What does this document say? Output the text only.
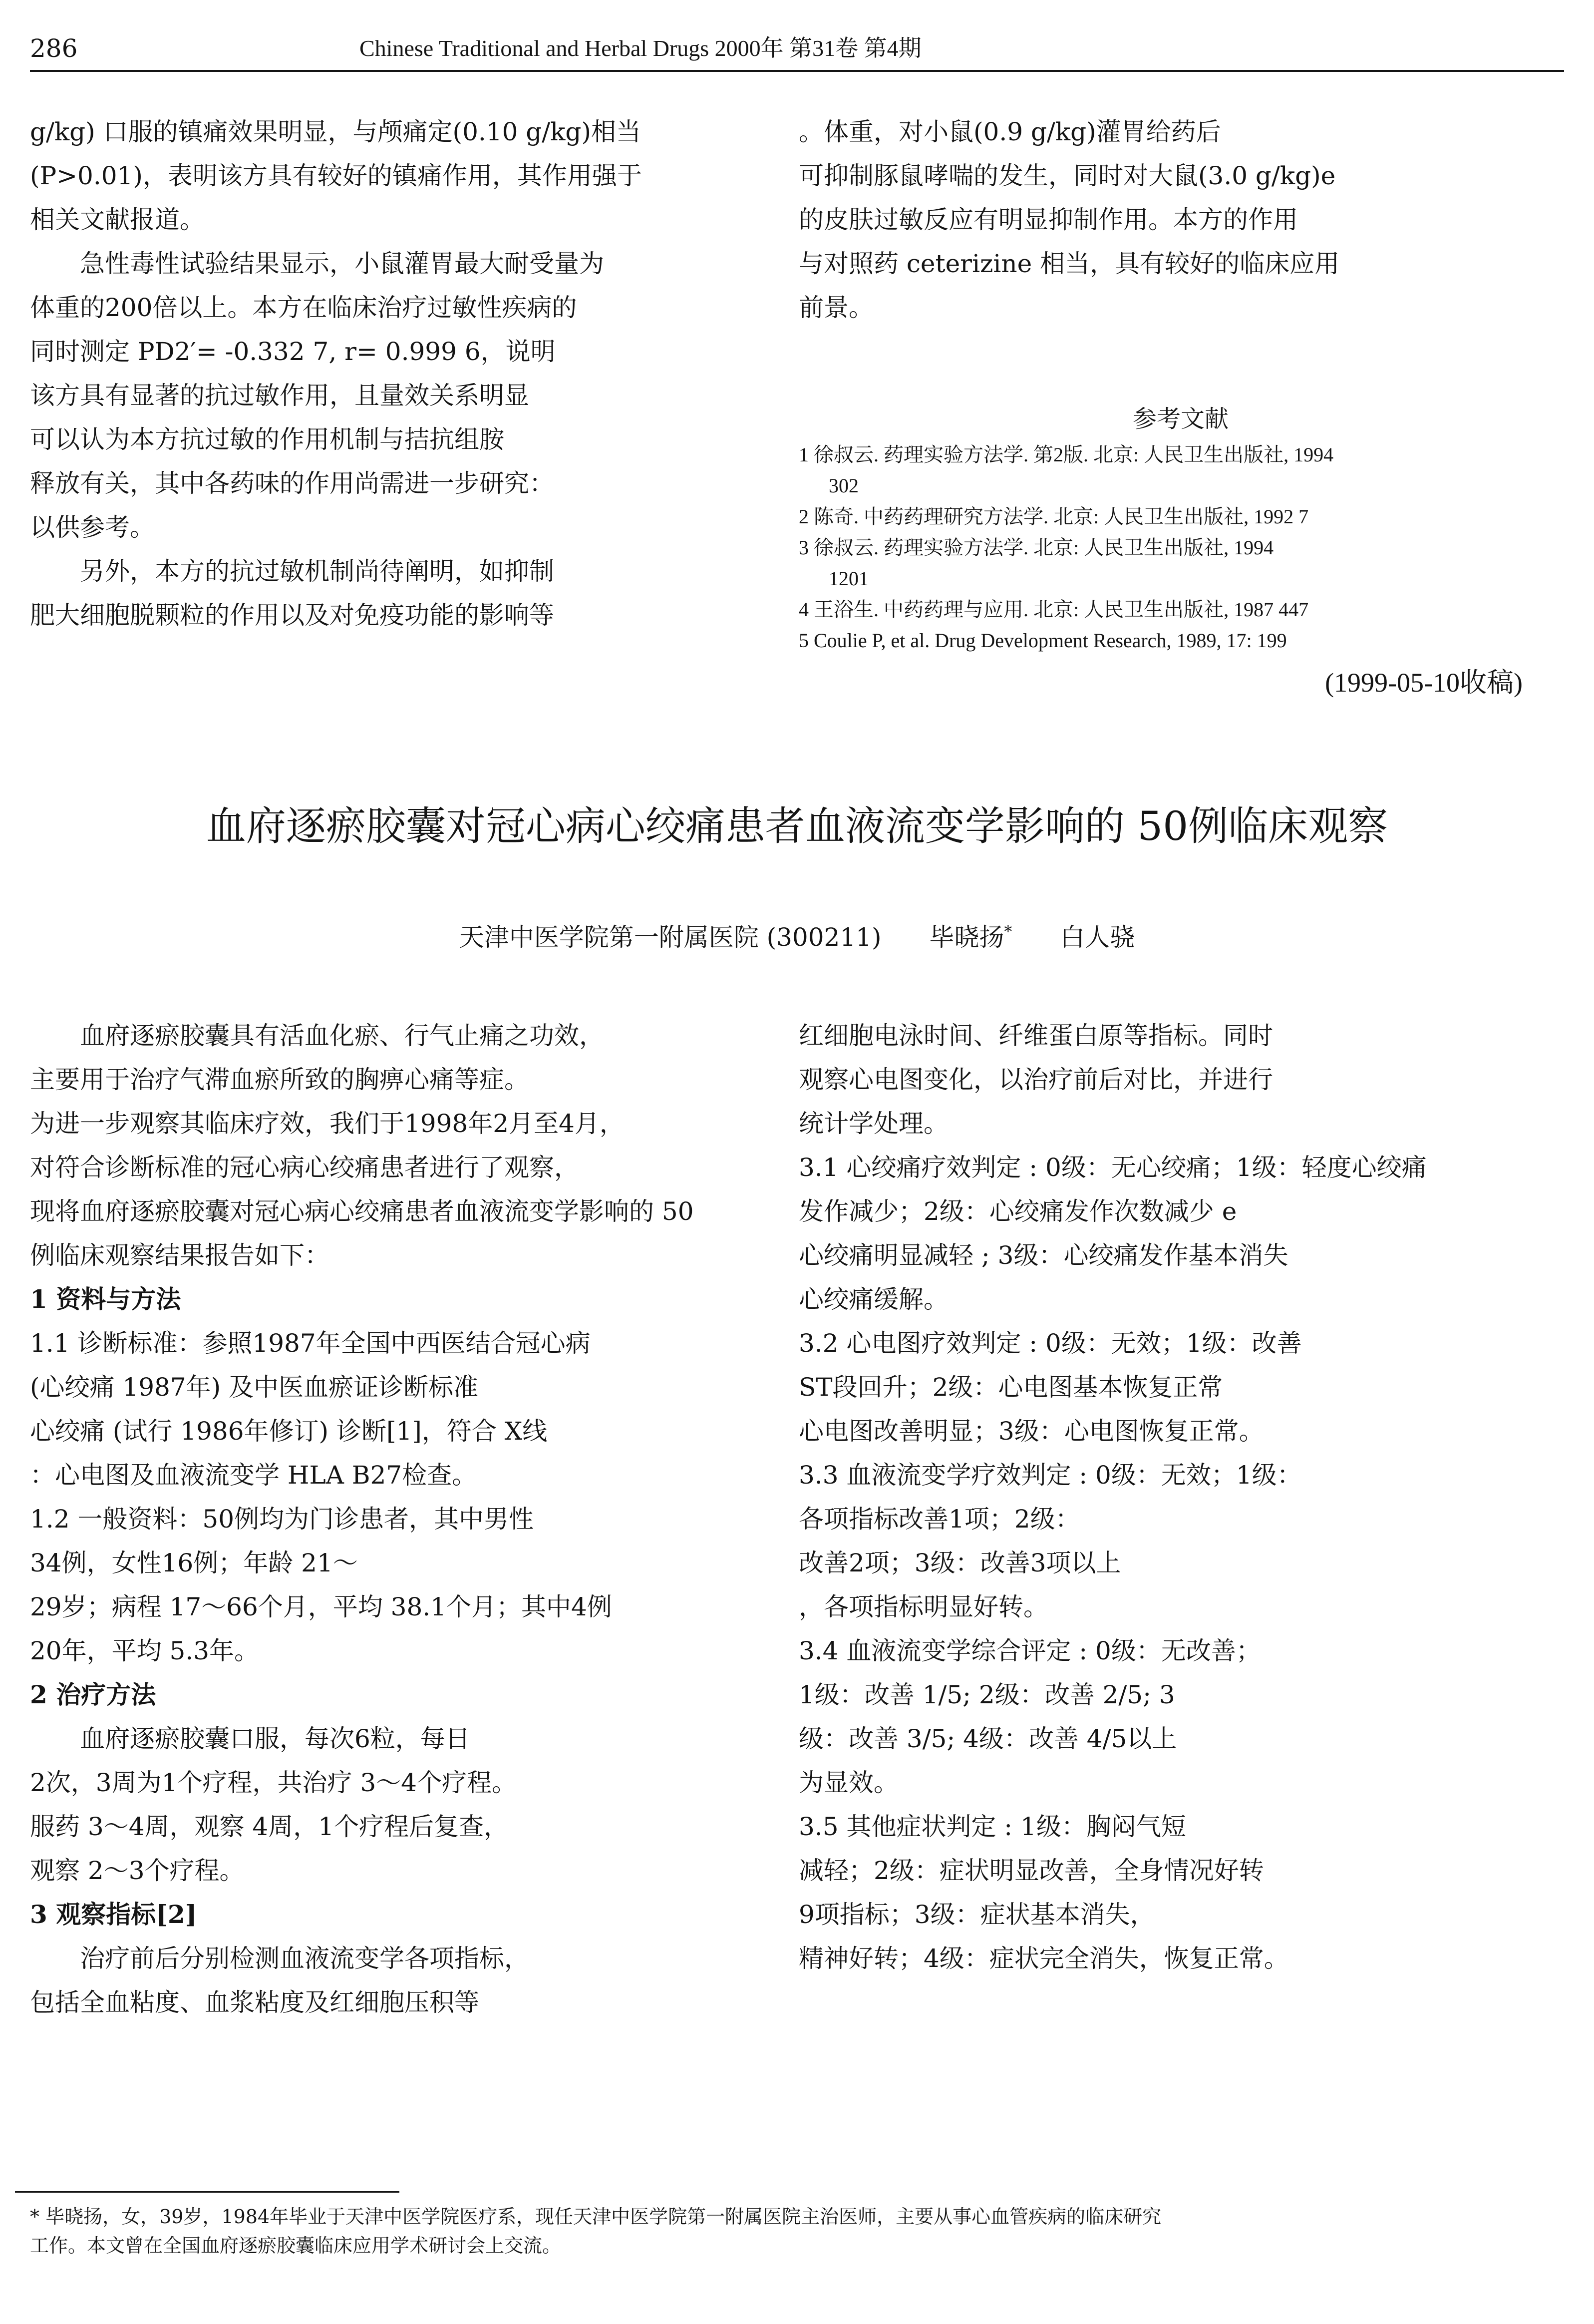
286	Chinese Traditional and Herbal Drugs 2000年 第31卷 第4期
g/kg) 口服的镇痛效果明显，与颅痛定(0.10 g/kg)相当
(P>0.01)，表明该方具有较好的镇痛作用，其作用强于
相关文献报道。
急性毒性试验结果显示，小鼠灌胃最大耐受量为
体重的200倍以上。本方在临床治疗过敏性疾病的
同时测定 PD2′= -0.332 7, r= 0.999 6，说明
该方具有显著的抗过敏作用，且量效关系明显
可以认为本方抗过敏的作用机制与拮抗组胺
释放有关，其中各药味的作用尚需进一步研究：
以供参考。
另外，本方的抗过敏机制尚待阐明，如抑制
肥大细胞脱颗粒的作用以及对免疫功能的影响等
。体重，对小鼠(0.9 g/kg)灌胃给药后
可抑制豚鼠哮喘的发生，同时对大鼠(3.0 g/kg)e
的皮肤过敏反应有明显抑制作用。本方的作用
与对照药 ceterizine 相当，具有较好的临床应用
前景。
参考文献
1 徐叔云. 药理实验方法学. 第2版. 北京: 人民卫生出版社, 1994
302
2 陈奇. 中药药理研究方法学. 北京: 人民卫生出版社, 1992 7
3 徐叔云. 药理实验方法学. 北京: 人民卫生出版社, 1994
1201
4 王浴生. 中药药理与应用. 北京: 人民卫生出版社, 1987 447
5 Coulie P, et al. Drug Development Research, 1989, 17: 199
(1999-05-10收稿)
血府逐瘀胶囊对冠心病心绞痛患者血液流变学影响的 50例临床观察
天津中医学院第一附属医院 (300211) 毕晓扬* 白人骁
血府逐瘀胶囊具有活血化瘀、行气止痛之功效，
主要用于治疗气滞血瘀所致的胸痹心痛等症。
为进一步观察其临床疗效，我们于1998年2月至4月，
对符合诊断标准的冠心病心绞痛患者进行了观察，
现将血府逐瘀胶囊对冠心病心绞痛患者血液流变学影响的 50
例临床观察结果报告如下：
1 资料与方法
1.1 诊断标准：参照1987年全国中西医结合冠心病
(心绞痛 1987年) 及中医血瘀证诊断标准
心绞痛 (试行 1986年修订) 诊断[1]，符合 X线
：心电图及血液流变学 HLA B27检查。
1.2 一般资料：50例均为门诊患者，其中男性
34例，女性16例；年龄 21～
29岁；病程 17～66个月，平均 38.1个月；其中4例
20年，平均 5.3年。
2 治疗方法
血府逐瘀胶囊口服，每次6粒，每日
2次，3周为1个疗程，共治疗 3～4个疗程。
服药 3～4周，观察 4周，1个疗程后复查，
观察 2～3个疗程。
3 观察指标[2]
治疗前后分别检测血液流变学各项指标，
包括全血粘度、血浆粘度及红细胞压积等
红细胞电泳时间、纤维蛋白原等指标。同时
观察心电图变化，以治疗前后对比，并进行
统计学处理。
3.1 心绞痛疗效判定 : 0级：无心绞痛；1级：轻度心绞痛
发作减少；2级：心绞痛发作次数减少 e
心绞痛明显减轻 ; 3级：心绞痛发作基本消失
心绞痛缓解。
3.2 心电图疗效判定 : 0级：无效；1级：改善
ST段回升；2级：心电图基本恢复正常
心电图改善明显；3级：心电图恢复正常。
3.3 血液流变学疗效判定 : 0级：无效；1级：
各项指标改善1项；2级：
改善2项；3级：改善3项以上
，各项指标明显好转。
3.4 血液流变学综合评定 : 0级：无改善；
1级：改善 1/5; 2级：改善 2/5; 3
级：改善 3/5; 4级：改善 4/5以上
为显效。
3.5 其他症状判定 : 1级：胸闷气短
减轻；2级：症状明显改善，全身情况好转
9项指标；3级：症状基本消失，
精神好转；4级：症状完全消失，恢复正常。
* 毕晓扬，女，39岁，1984年毕业于天津中医学院医疗系，现任天津中医学院第一附属医院主治医师，主要从事心血管疾病的临床研究
工作。本文曾在全国血府逐瘀胶囊临床应用学术研讨会上交流。
